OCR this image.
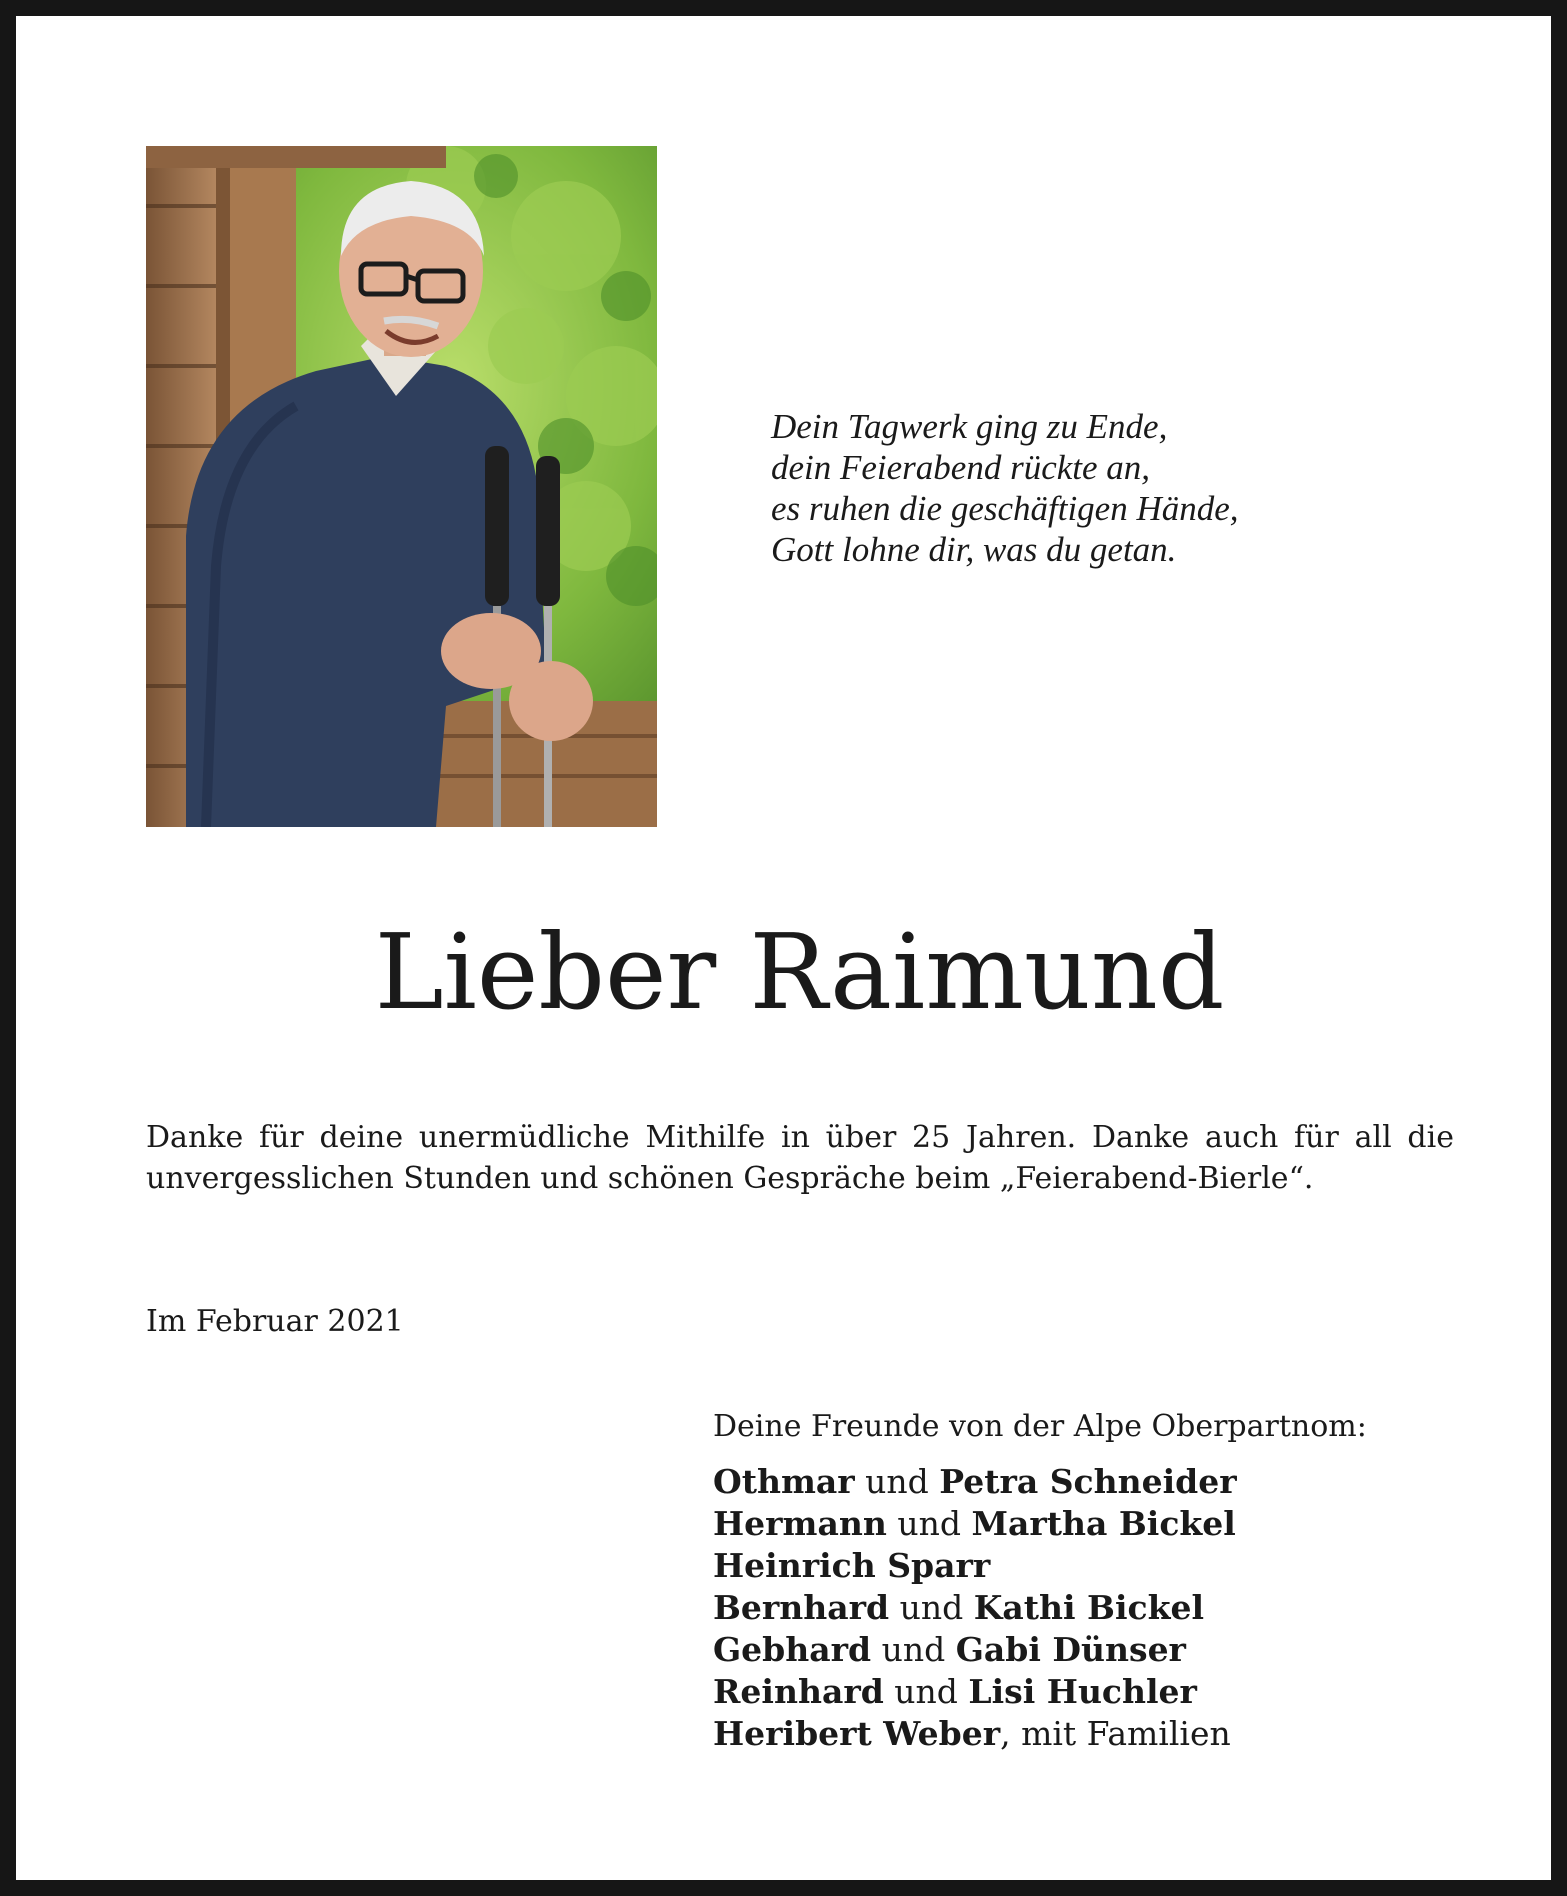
Dein Tagwerk ging zu Ende,
dein Feierabend rückte an,
es ruhen die geschäftigen Hände,
Gott lohne dir, was du getan.
Lieber Raimund
Danke für deine unermüdliche Mithilfe in über 25 Jahren. Danke auch für all die unvergesslichen Stunden und schönen Gespräche beim „Feierabend-Bierle“.
Im Februar 2021
Deine Freunde von der Alpe Oberpartnom:
Othmar und Petra Schneider
Hermann und Martha Bickel
Heinrich Sparr
Bernhard und Kathi Bickel
Gebhard und Gabi Dünser
Reinhard und Lisi Huchler
Heribert Weber, mit Familien
